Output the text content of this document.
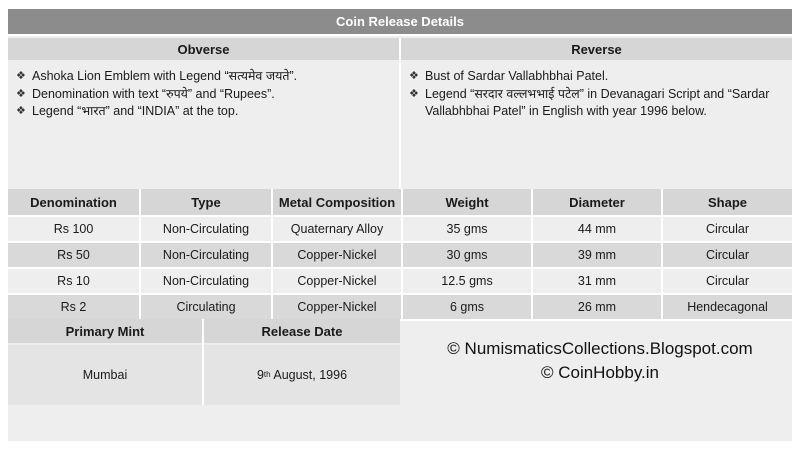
Coin Release Details
Obverse	Reverse
❖ Ashoka Lion Emblem with Legend “सत्यमेव जयते”.
❖ Denomination with text “रुपये” and “Rupees”.
❖ Legend “भारत” and “INDIA” at the top.
❖ Bust of Sardar Vallabhbhai Patel.
❖ Legend “सरदार वल्लभभाई पटेल” in Devanagari Script and “Sardar Vallabhbhai Patel” in English with year 1996 below.
Denomination	Type	Metal Composition	Weight	Diameter	Shape
Rs 100	Non-Circulating	Quaternary Alloy	35 gms	44 mm	Circular
Rs 50	Non-Circulating	Copper-Nickel	30 gms	39 mm	Circular
Rs 10	Non-Circulating	Copper-Nickel	12.5 gms	31 mm	Circular
Rs 2	Circulating	Copper-Nickel	6 gms	26 mm	Hendecagonal
Primary Mint	Release Date
Mumbai	9 th August, 1996
© NumismaticsCollections.Blogspot.com
© CoinHobby.in
